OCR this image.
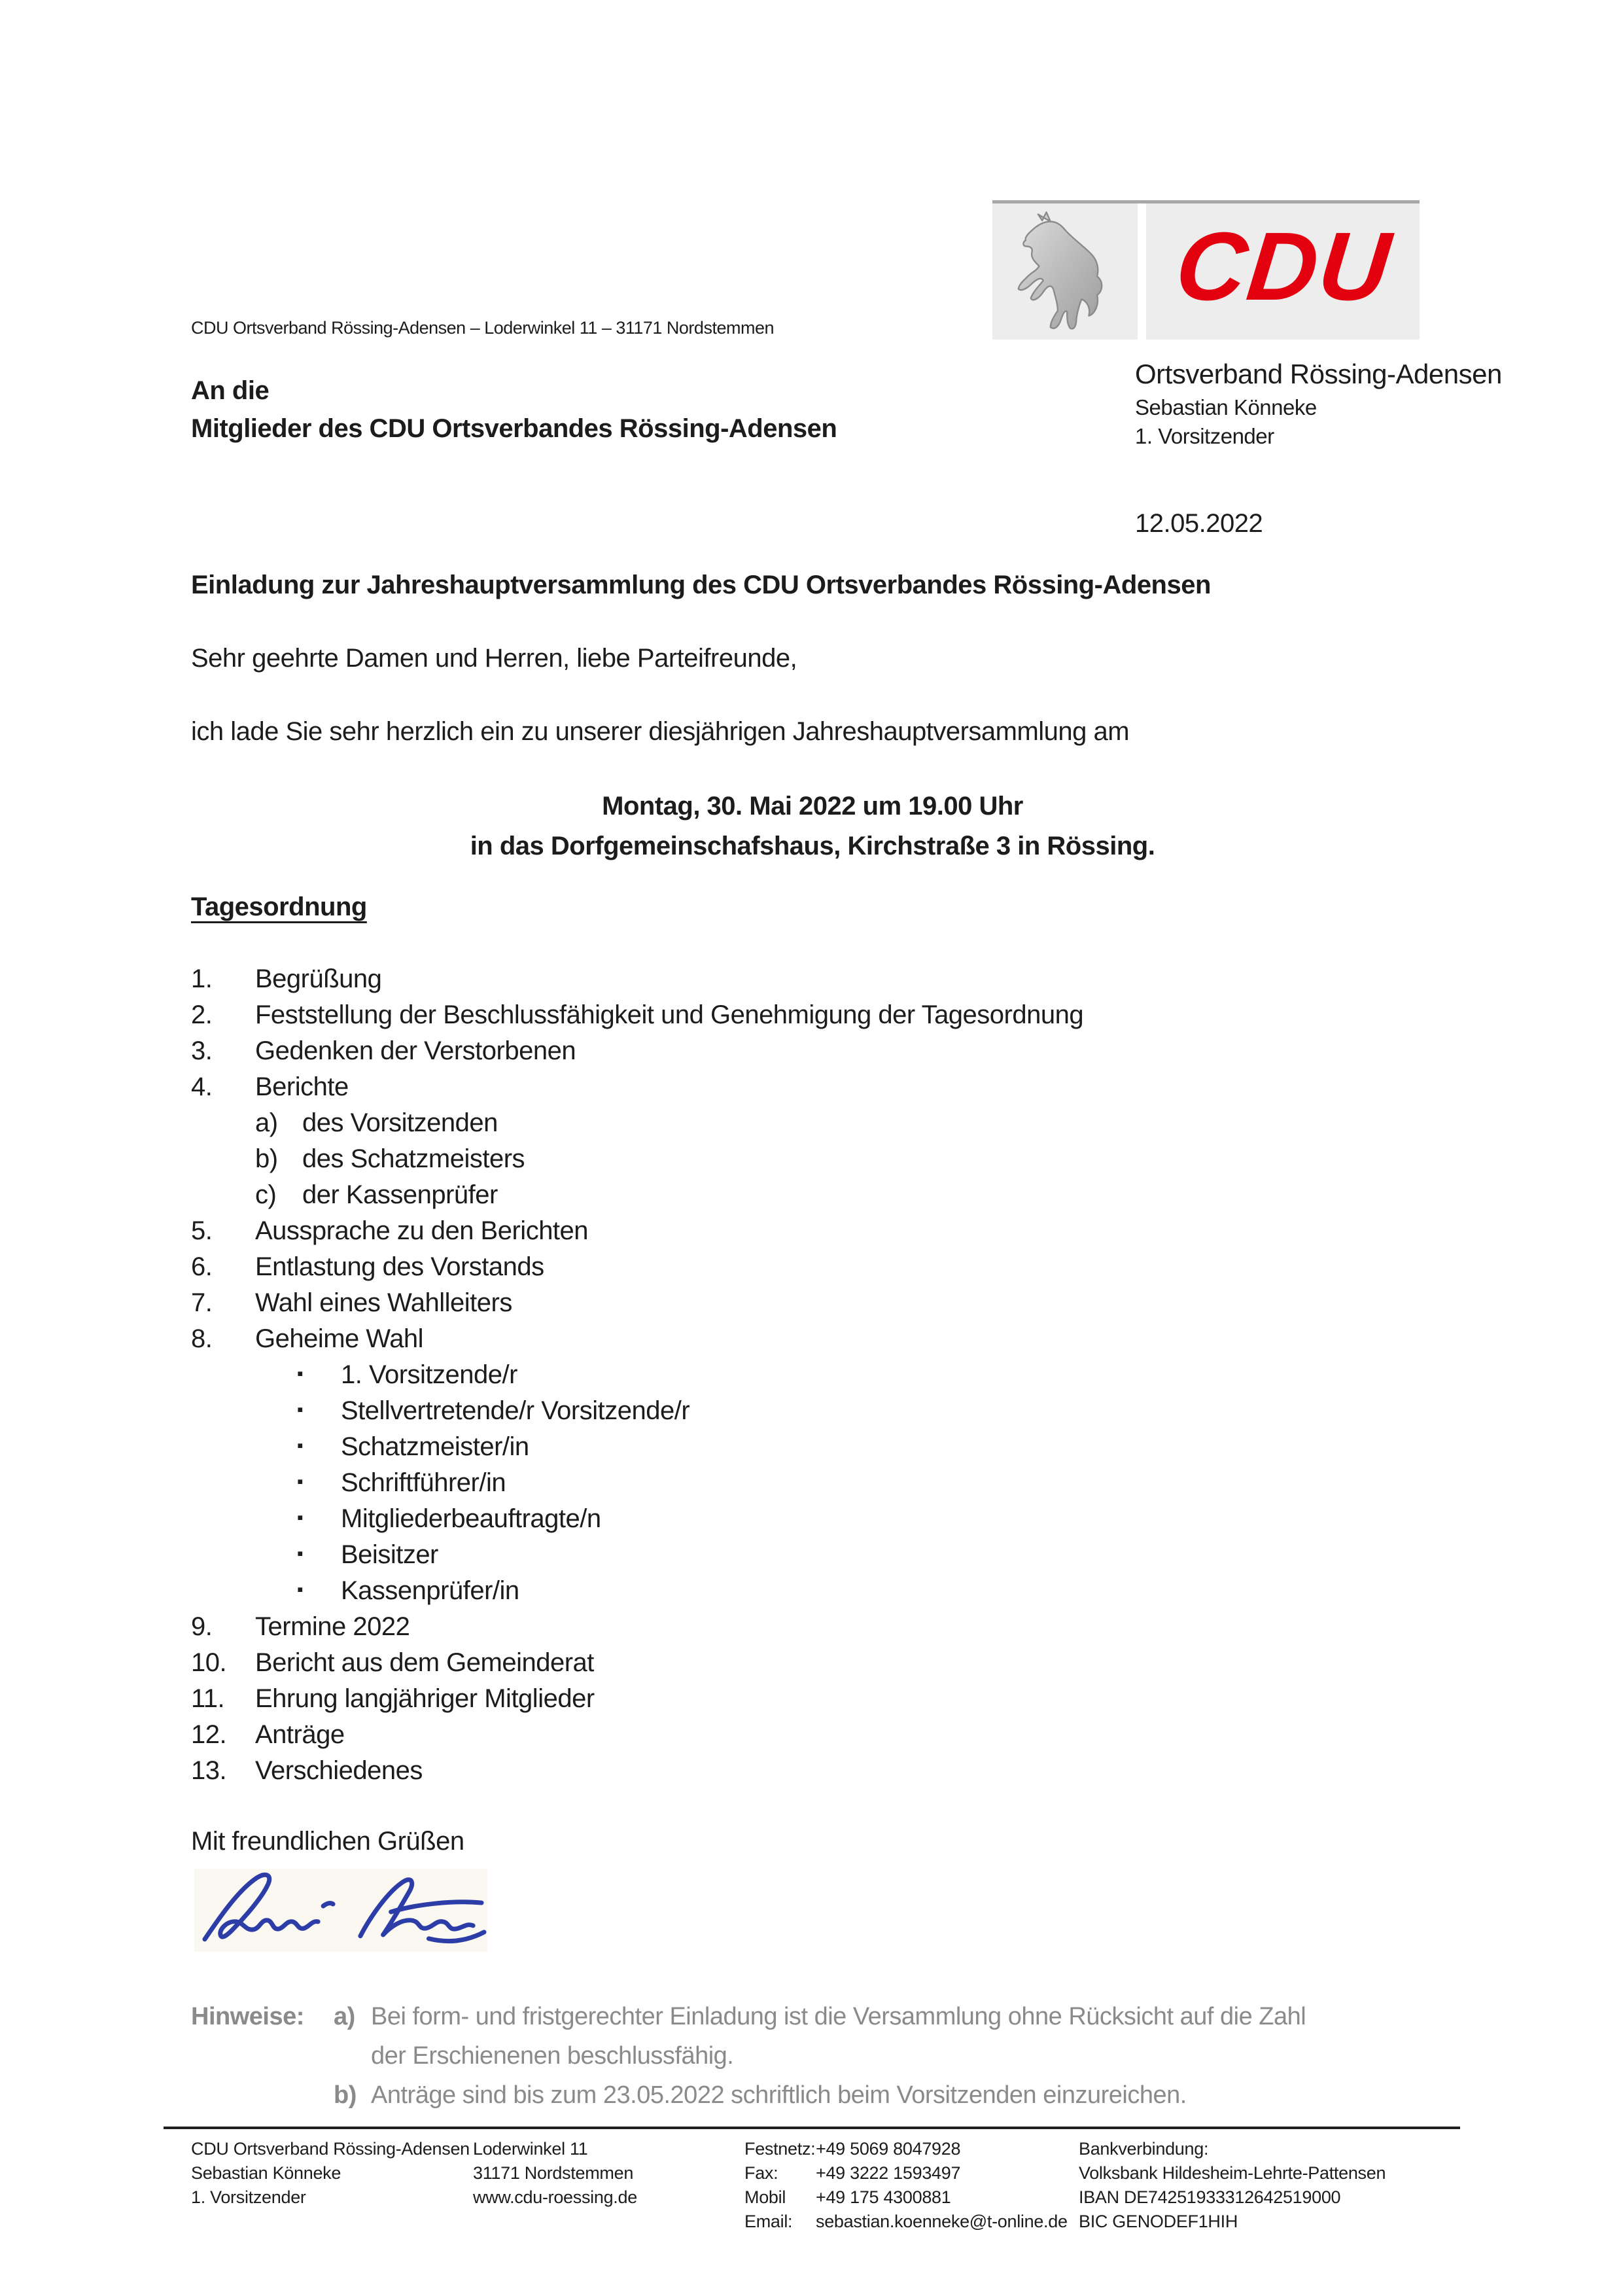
CDU
Ortsverband Rössing-Adensen
Sebastian Könneke
1. Vorsitzender
12.05.2022
CDU Ortsverband Rössing-Adensen – Loderwinkel 11 – 31171 Nordstemmen
An die
Mitglieder des CDU Ortsverbandes Rössing-Adensen
Einladung zur Jahreshauptversammlung des CDU Ortsverbandes Rössing-Adensen
Sehr geehrte Damen und Herren, liebe Parteifreunde,
ich lade Sie sehr herzlich ein zu unserer diesjährigen Jahreshauptversammlung am
Montag, 30. Mai 2022 um 19.00 Uhr
in das Dorfgemeinschafshaus, Kirchstraße 3 in Rössing.
Tagesordnung
1. Begrüßung
2. Feststellung der Beschlussfähigkeit und Genehmigung der Tagesordnung
3. Gedenken der Verstorbenen
4. Berichte
a) des Vorsitzenden
b) des Schatzmeisters
c) der Kassenprüfer
5. Aussprache zu den Berichten
6. Entlastung des Vorstands
7. Wahl eines Wahlleiters
8. Geheime Wahl
▪ 1. Vorsitzende/r
▪ Stellvertretende/r Vorsitzende/r
▪ Schatzmeister/in
▪ Schriftführer/in
▪ Mitgliederbeauftragte/n
▪ Beisitzer
▪ Kassenprüfer/in
9. Termine 2022
10. Bericht aus dem Gemeinderat
11. Ehrung langjähriger Mitglieder
12. Anträge
13. Verschiedenes
Mit freundlichen Grüßen
Hinweise:	a) Bei form- und fristgerechter Einladung ist die Versammlung ohne Rücksicht auf die Zahl
der Erschienenen beschlussfähig.
b) Anträge sind bis zum 23.05.2022 schriftlich beim Vorsitzenden einzureichen.
CDU Ortsverband Rössing-Adensen
Sebastian Könneke
1. Vorsitzender
Loderwinkel 11
31171 Nordstemmen
www.cdu-roessing.de
Festnetz:+49 5069 8047928
Fax: +49 3222 1593497
Mobil +49 175 4300881
Email: sebastian.koenneke@t-online.de
Bankverbindung:
Volksbank Hildesheim-Lehrte-Pattensen
IBAN DE74251933312642519000
BIC GENODEF1HIH
